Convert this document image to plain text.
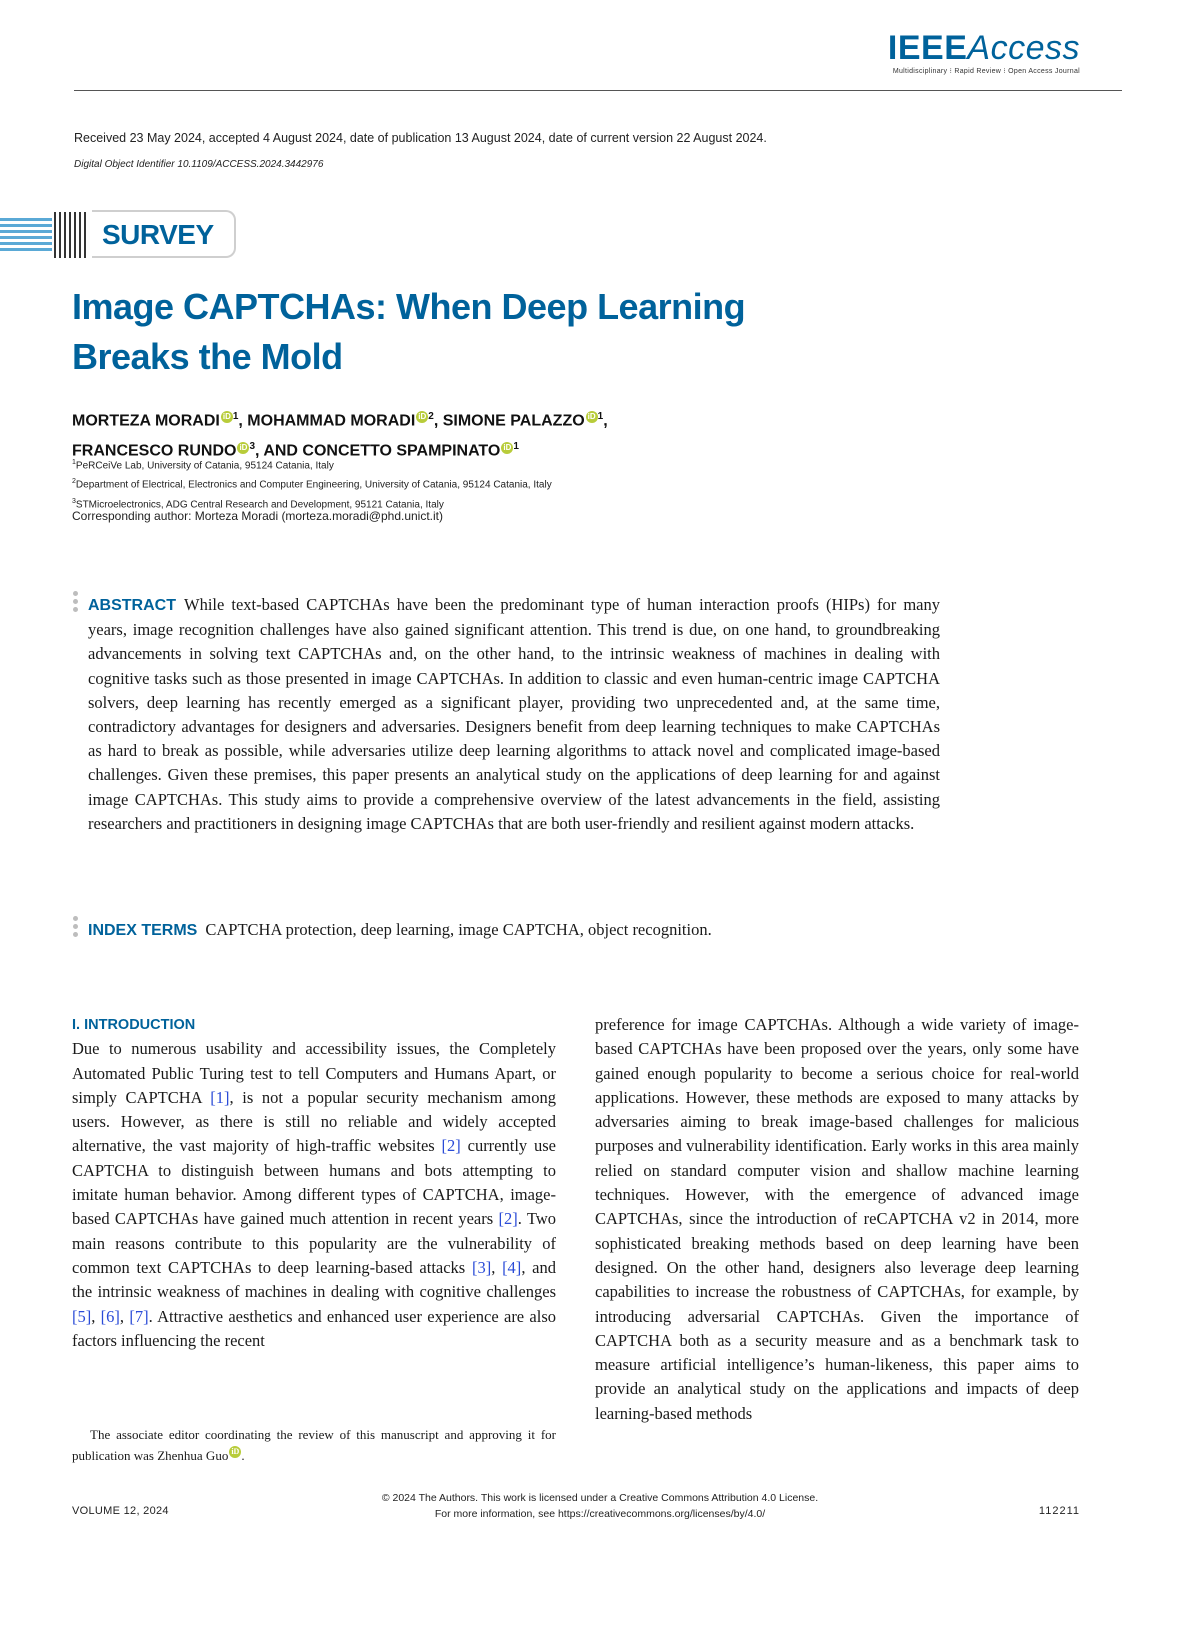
IEEEAccess
Multidisciplinary ⁝ Rapid Review ⁝ Open Access Journal
Received 23 May 2024, accepted 4 August 2024, date of publication 13 August 2024, date of current version 22 August 2024.
Digital Object Identifier 10.1109/ACCESS.2024.3442976
SURVEY
Image CAPTCHAs: When Deep Learning
Breaks the Mold
MORTEZA MORADI iD $^1$, MOHAMMAD MORADI iD $^2$, SIMONE PALAZZO iD $^1$,
FRANCESCO RUNDO iD $^3$, AND CONCETTO SPAMPINATO iD $^1$
$^1$PeRCeiVe Lab, University of Catania, 95124 Catania, Italy
$^2$Department of Electrical, Electronics and Computer Engineering, University of Catania, 95124 Catania, Italy
$^3$STMicroelectronics, ADG Central Research and Development, 95121 Catania, Italy
Corresponding author: Morteza Moradi (morteza.moradi@phd.unict.it)
ABSTRACT While text-based CAPTCHAs have been the predominant type of human interaction proofs (HIPs) for many years, image recognition challenges have also gained significant attention. This trend is due, on one hand, to groundbreaking advancements in solving text CAPTCHAs and, on the other hand, to the intrinsic weakness of machines in dealing with cognitive tasks such as those presented in image CAPTCHAs. In addition to classic and even human-centric image CAPTCHA solvers, deep learning has recently emerged as a significant player, providing two unprecedented and, at the same time, contradictory advantages for designers and adversaries. Designers benefit from deep learning techniques to make CAPTCHAs as hard to break as possible, while adversaries utilize deep learning algorithms to attack novel and complicated image-based challenges. Given these premises, this paper presents an analytical study on the applications of deep learning for and against image CAPTCHAs. This study aims to provide a comprehensive overview of the latest advancements in the field, assisting researchers and practitioners in designing image CAPTCHAs that are both user-friendly and resilient against modern attacks.
INDEX TERMS CAPTCHA protection, deep learning, image CAPTCHA, object recognition.
I. INTRODUCTION
Due to numerous usability and accessibility issues, the Completely Automated Public Turing test to tell Computers and Humans Apart, or simply CAPTCHA [1], is not a popular security mechanism among users. However, as there is still no reliable and widely accepted alternative, the vast majority of high-traffic websites [2] currently use CAPTCHA to distinguish between humans and bots attempting to imitate human behavior. Among different types of CAPTCHA, image-based CAPTCHAs have gained much attention in recent years [2]. Two main reasons contribute to this popularity are the vulnerability of common text CAPTCHAs to deep learning-based attacks [3], [4], and the intrinsic weakness of machines in dealing with cognitive challenges [5], [6], [7]. Attractive aesthetics and enhanced user experience are also factors influencing the recent
preference for image CAPTCHAs. Although a wide variety of image-based CAPTCHAs have been proposed over the years, only some have gained enough popularity to become a serious choice for real-world applications. However, these methods are exposed to many attacks by adversaries aiming to break image-based challenges for malicious purposes and vulnerability identification. Early works in this area mainly relied on standard computer vision and shallow machine learning techniques. However, with the emergence of advanced image CAPTCHAs, since the introduction of reCAPTCHA v2 in 2014, more sophisticated breaking methods based on deep learning have been designed. On the other hand, designers also leverage deep learning capabilities to increase the robustness of CAPTCHAs, for example, by introducing adversarial CAPTCHAs. Given the importance of CAPTCHA both as a security measure and as a benchmark task to measure artificial intelligence’s human-likeness, this paper aims to provide an analytical study on the applications and impacts of deep learning-based methods
The associate editor coordinating the review of this manuscript and approving it for publication was Zhenhua Guo iD .
VOLUME 12, 2024
© 2024 The Authors. This work is licensed under a Creative Commons Attribution 4.0 License.
For more information, see https://creativecommons.org/licenses/by/4.0/	112211
